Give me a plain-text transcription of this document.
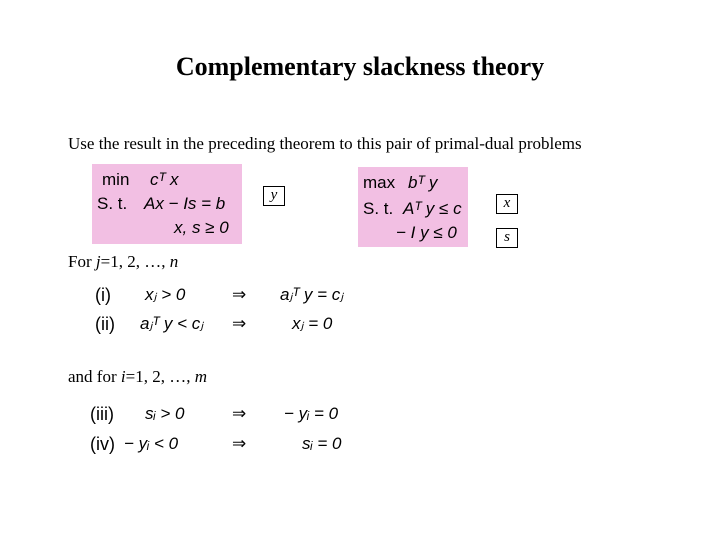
Complementary slackness theory
Use the result in the preceding theorem to this pair of primal-dual problems
min cᵀ x
S. t. Ax − Is = b
x, s ≥ 0
y
max bᵀ y
S. t. Aᵀ y ≤ c
− I y ≤ 0
x
s
For j=1, 2, …, n
(i) xⱼ > 0	⇒ aⱼᵀ y = cⱼ
(ii) aⱼᵀ y < cⱼ ⇒	xⱼ = 0
and for i=1, 2, …, m
(iii) sᵢ > 0	⇒ − yᵢ = 0
(iv) − yᵢ < 0	⇒	sᵢ = 0
